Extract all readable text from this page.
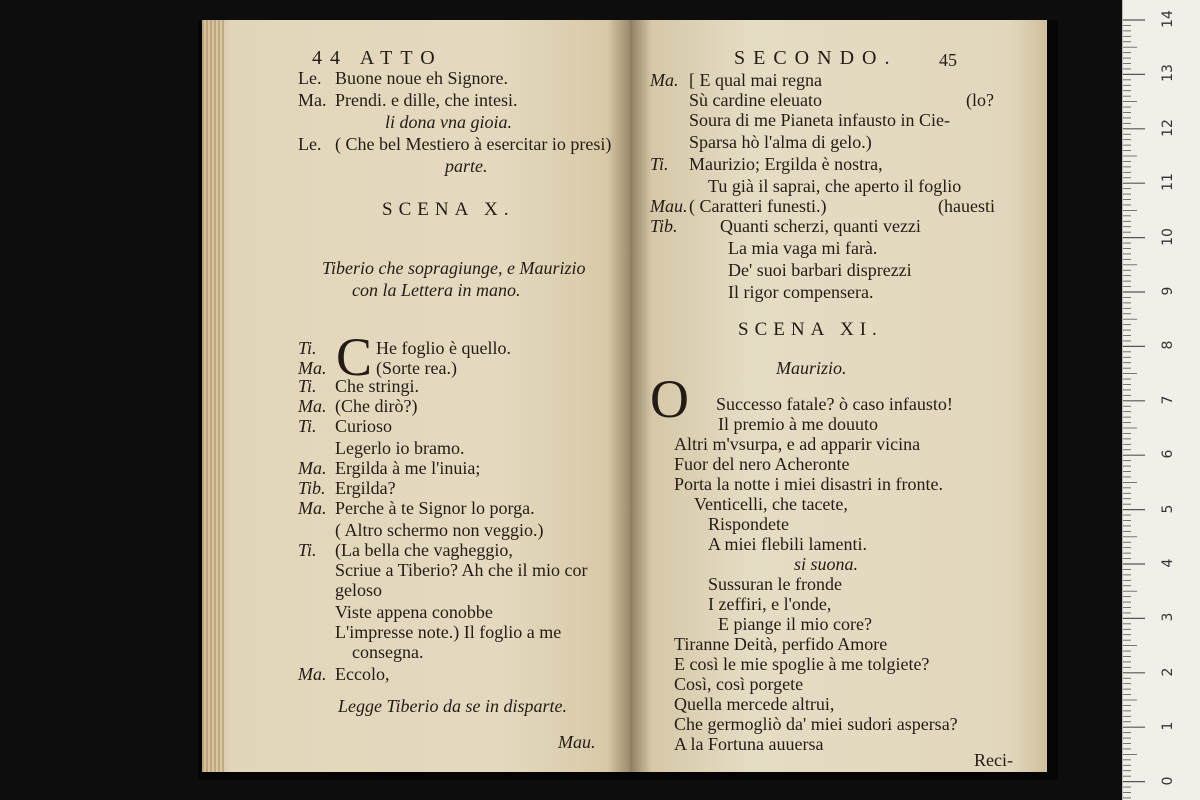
44 ATTO
Le. Buone noue eh Signore.
Ma. Prendi. e dille, che intesi.
li dona vna gioia.
Le. ( Che bel Mestiero à esercitar io presi)
parte.
SCENA X.
Tiberio che sopragiunge, e Maurizio
con la Lettera in mano.
C
Ti.	He foglio è quello.
Ma.	(Sorte rea.)
Ti. Che stringi.
Ma. (Che dirò?)
Ti. Curioso
Legerlo io bramo.
Ma. Ergilda à me l'inuia;
Tib. Ergilda?
Ma. Perche à te Signor lo porga.
( Altro schermo non veggio.)
Ti. (La bella che vagheggio,
Scriue a Tiberio? Ah che il mio cor
geloso
Viste appena conobbe
L'impresse note.) Il foglio a me
consegna.
Ma. Eccolo,
Legge Tiberio da se in disparte.
Mau.
SECONDO. 45
Ma. [ E qual mai regna
Sù cardine eleuato
Soura di me Pianeta infausto in Cie-
Sparsa hò l'alma di gelo.)
Ti. Maurizio; Ergilda è nostra,
Tu già il saprai, che aperto il foglio
Mau. ( Caratteri funesti.)
Tib. Quanti scherzi, quanti vezzi
La mia vaga mi farà.
De' suoi barbari disprezzi
Il rigor compensera.
(lo?
(hauesti
SCENA XI.
Maurizio.
O Successo fatale? ò caso infausto!
Il premio à me douuto
Altri m'vsurpa, e ad apparir vicina
Fuor del nero Acheronte
Porta la notte i miei disastri in fronte.
Venticelli, che tacete,
Rispondete
A miei flebili lamenti.
si suona.
Sussuran le fronde
I zeffiri, e l'onde,
E piange il mio core?
Tiranne Deità, perfido Amore
E così le mie spoglie à me tolgiete?
Così, così porgete
Quella mercede altrui,
Che germogliò da' miei sudori aspersa?
A la Fortuna auuersa
Reci-
14
13
12
11
10
9
8
7
6
5
4
3
2
1
0
